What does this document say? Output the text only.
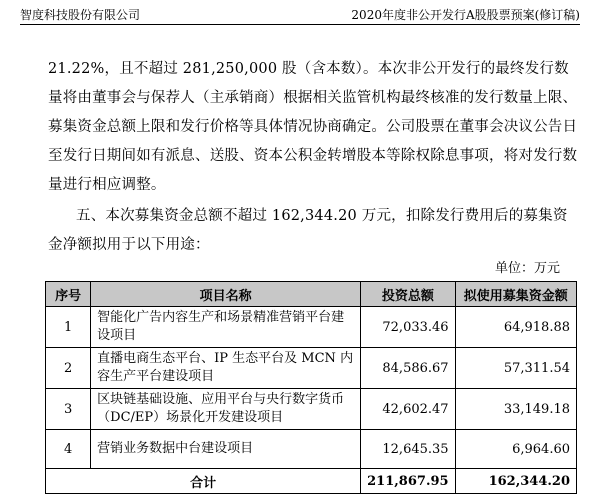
智度科技股份有限公司	2020年度非公开发行A股股票预案(修订稿)
21.22%，且不超过 281,250,000 股（含本数）。本次非公开发行的最终发行数量将由董事会与保荐人（主承销商）根据相关监管机构最终核准的发行数量上限、募集资金总额上限和发行价格等具体情况协商确定。公司股票在董事会决议公告日至发行日期间如有派息、送股、资本公积金转增股本等除权除息事项，将对发行数量进行相应调整。
五、本次募集资金总额不超过 162,344.20 万元，扣除发行费用后的募集资金净额拟用于以下用途：
单位：万元
序号	项目名称	投资总额	拟使用募集资金额
1	智能化广告内容生产和场景精准营销平台建设项目	72,033.46	64,918.88
2	直播电商生态平台、IP 生态平台及 MCN 内容生产平台建设项目	84,586.67	57,311.54
3	区块链基础设施、应用平台与央行数字货币（DC/EP）场景化开发建设项目	42,602.47	33,149.18
4	营销业务数据中台建设项目	12,645.35	6,964.60
合计		211,867.95	162,344.20
